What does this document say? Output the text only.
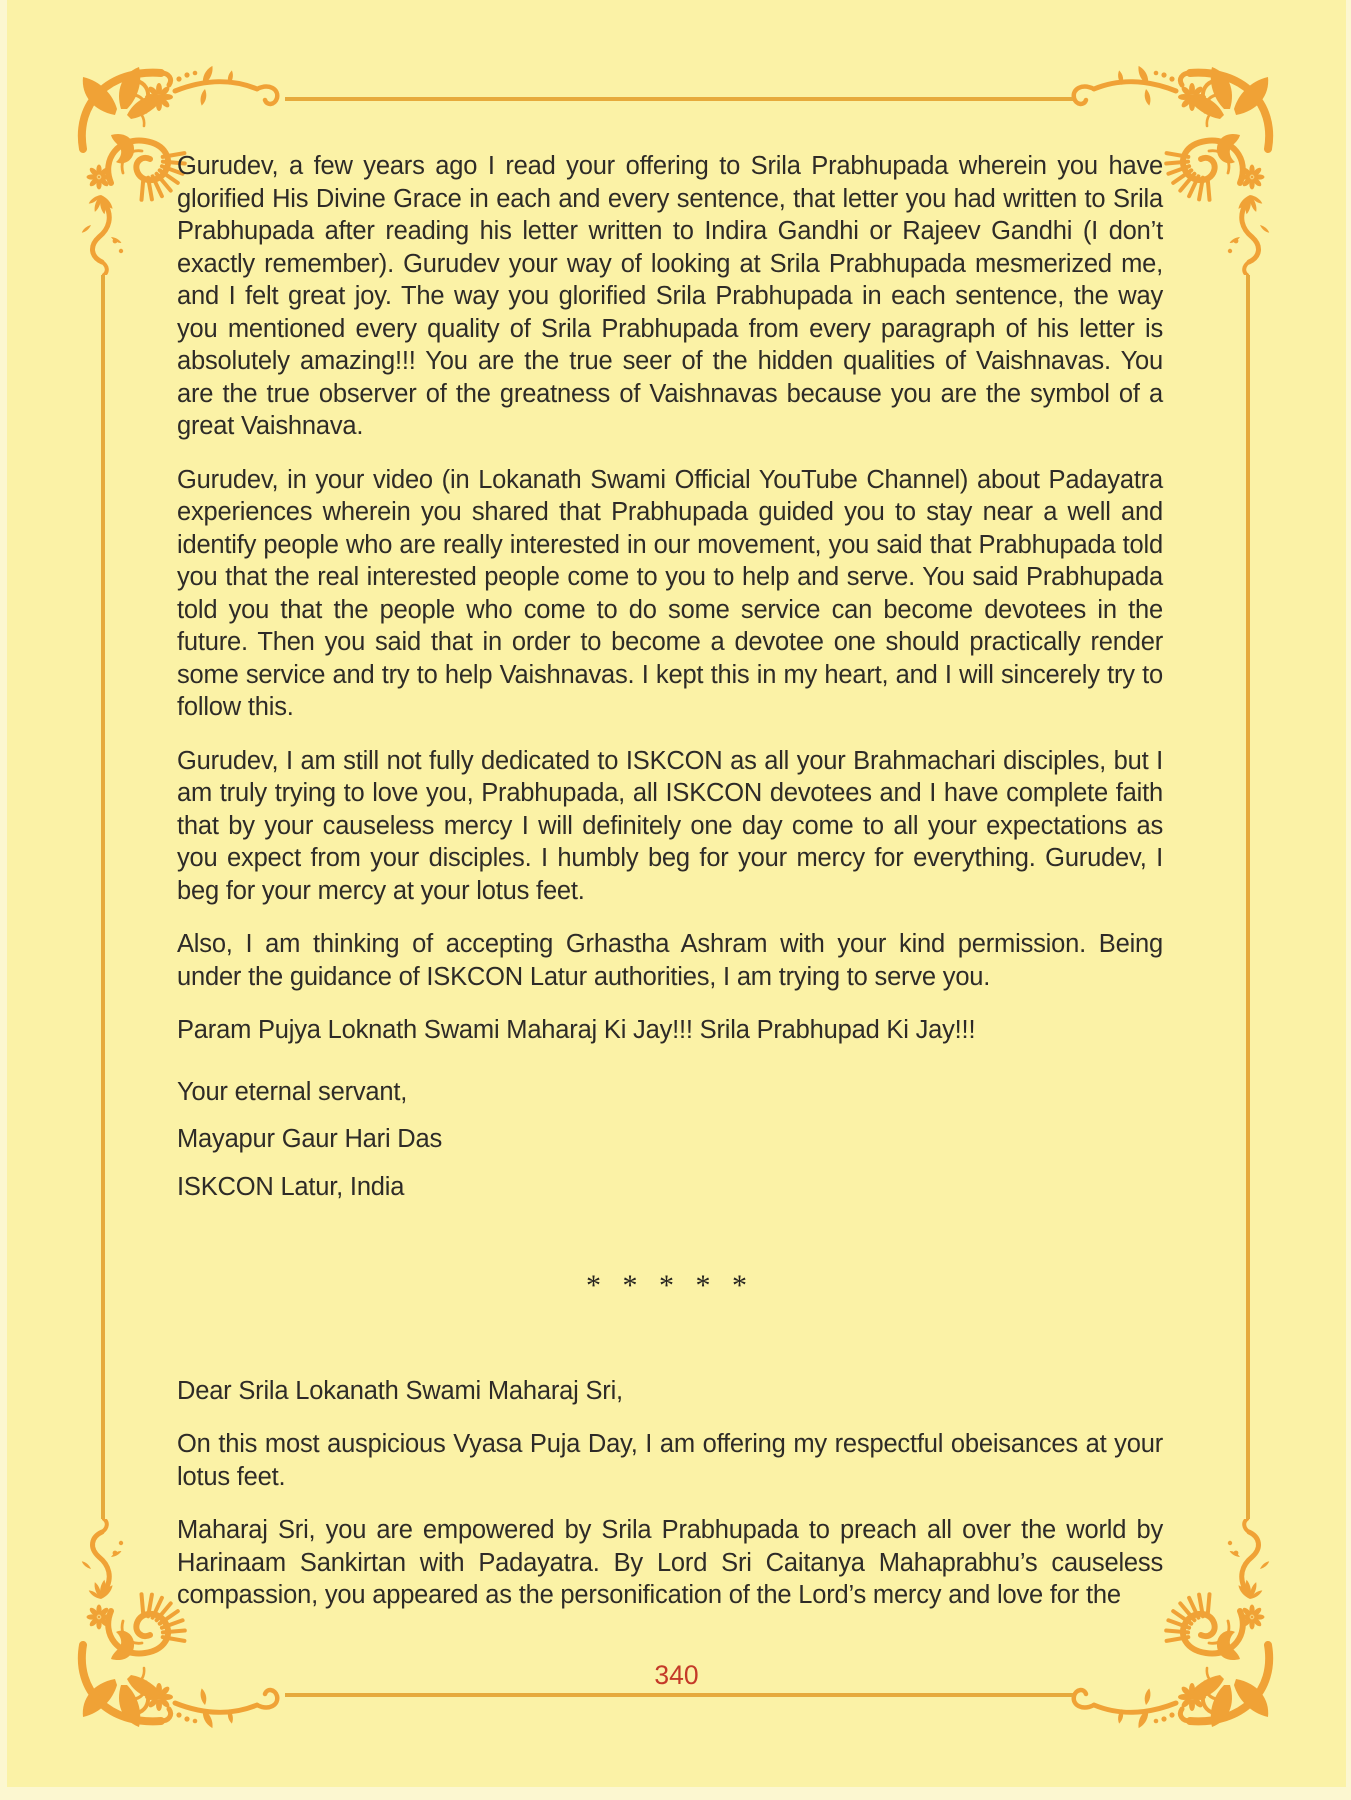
Gurudev, a few years ago I read your offering to Srila Prabhupada wherein you have glorified His Divine Grace in each and every sentence, that letter you had written to Srila Prabhupada after reading his letter written to Indira Gandhi or Rajeev Gandhi (I don’t exactly remember). Gurudev your way of looking at Srila Prabhupada mesmerized me, and I felt great joy. The way you glorified Srila Prabhupada in each sentence, the way you mentioned every quality of Srila Prabhupada from every paragraph of his letter is absolutely amazing!!! You are the true seer of the hidden qualities of Vaishnavas. You are the true observer of the greatness of Vaishnavas because you are the symbol of a great Vaishnava.

Gurudev, in your video (in Lokanath Swami Official YouTube Channel) about Padayatra experiences wherein you shared that Prabhupada guided you to stay near a well and identify people who are really interested in our movement, you said that Prabhupada told you that the real interested people come to you to help and serve. You said Prabhupada told you that the people who come to do some service can become devotees in the future. Then you said that in order to become a devotee one should practically render some service and try to help Vaishnavas. I kept this in my heart, and I will sincerely try to follow this.

Gurudev, I am still not fully dedicated to ISKCON as all your Brahmachari disciples, but I am truly trying to love you, Prabhupada, all ISKCON devotees and I have complete faith that by your causeless mercy I will definitely one day come to all your expectations as you expect from your disciples. I humbly beg for your mercy for everything. Gurudev, I beg for your mercy at your lotus feet.

Also, I am thinking of accepting Grhastha Ashram with your kind permission. Being under the guidance of ISKCON Latur authorities, I am trying to serve you.

Param Pujya Loknath Swami Maharaj Ki Jay!!! Srila Prabhupad Ki Jay!!!

Your eternal servant,

Mayapur Gaur Hari Das

ISKCON Latur, India

* * * * *

Dear Srila Lokanath Swami Maharaj Sri,

On this most auspicious Vyasa Puja Day, I am offering my respectful obeisances at your lotus feet.

Maharaj Sri, you are empowered by Srila Prabhupada to preach all over the world by Harinaam Sankirtan with Padayatra. By Lord Sri Caitanya Mahaprabhu’s causeless compassion, you appeared as the personification of the Lord’s mercy and love for the

340
